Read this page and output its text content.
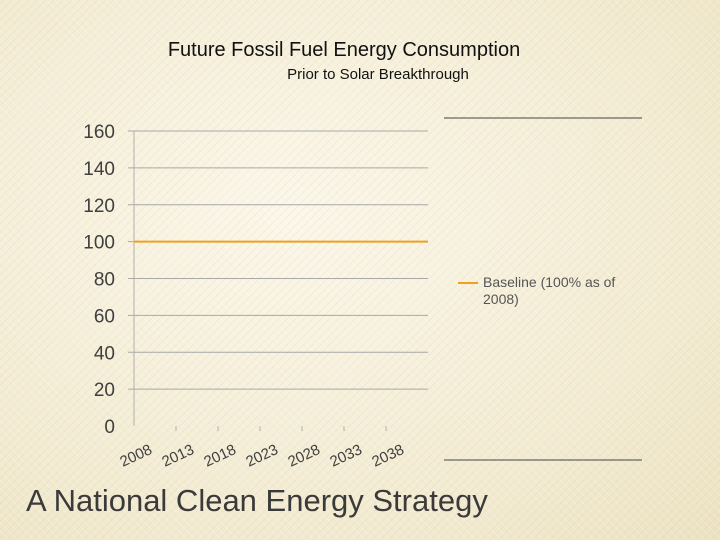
Future Fossil Fuel Energy Consumption
Prior to Solar Breakthrough
0
20
40
60
80
100
120
140
160
2008 2013 2018 2023 2028 2033 2038
Baseline (100% as of 2008)
A National Clean Energy Strategy
